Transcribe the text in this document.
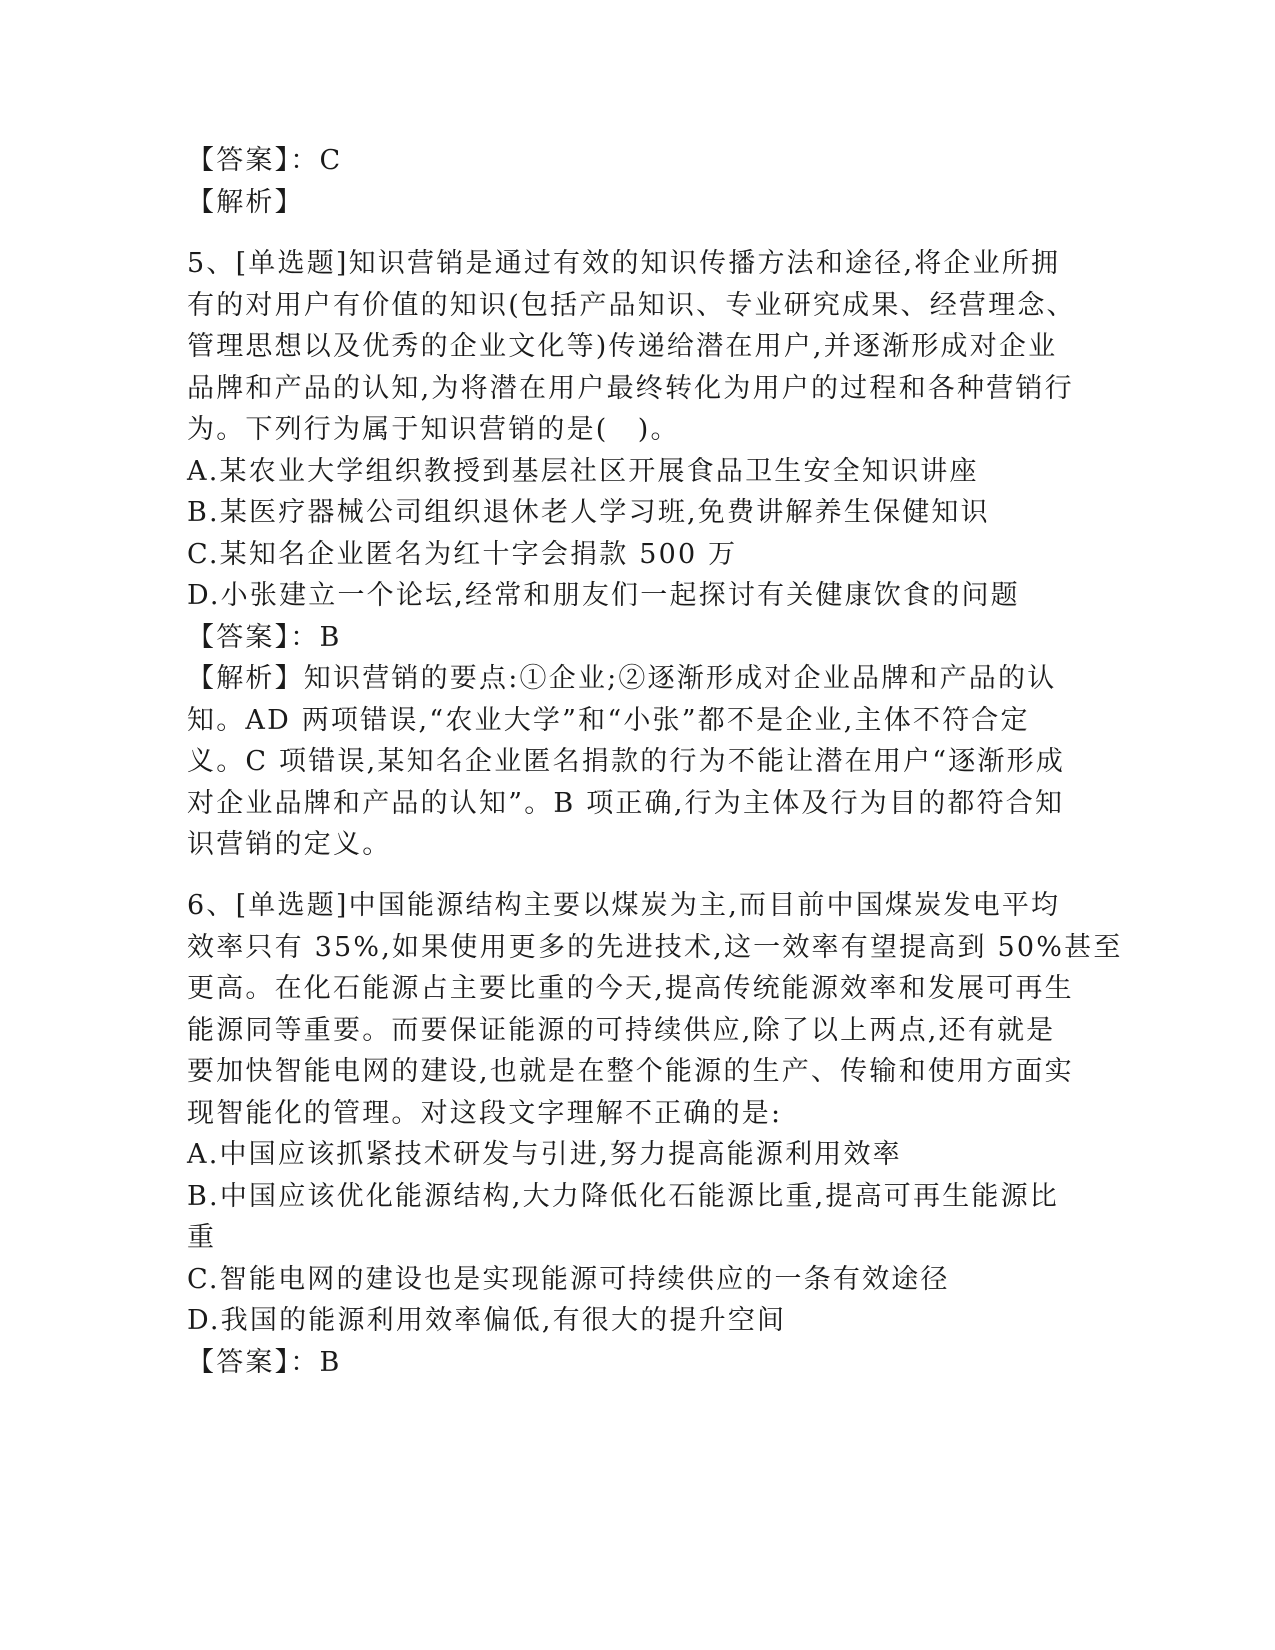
【答案】：C
【解析】
5、[单选题]知识营销是通过有效的知识传播方法和途径,将企业所拥
有的对用户有价值的知识(包括产品知识、专业研究成果、经营理念、
管理思想以及优秀的企业文化等)传递给潜在用户,并逐渐形成对企业
品牌和产品的认知,为将潜在用户最终转化为用户的过程和各种营销行
为。下列行为属于知识营销的是(　)。
A.某农业大学组织教授到基层社区开展食品卫生安全知识讲座
B.某医疗器械公司组织退休老人学习班,免费讲解养生保健知识
C.某知名企业匿名为红十字会捐款 500 万
D.小张建立一个论坛,经常和朋友们一起探讨有关健康饮食的问题
【答案】：B
【解析】知识营销的要点:①企业;②逐渐形成对企业品牌和产品的认
知。AD 两项错误,“农业大学”和“小张”都不是企业,主体不符合定
义。C 项错误,某知名企业匿名捐款的行为不能让潜在用户“逐渐形成
对企业品牌和产品的认知”。B 项正确,行为主体及行为目的都符合知
识营销的定义。
6、[单选题]中国能源结构主要以煤炭为主,而目前中国煤炭发电平均
效率只有 35%,如果使用更多的先进技术,这一效率有望提高到 50%甚至
更高。在化石能源占主要比重的今天,提高传统能源效率和发展可再生
能源同等重要。而要保证能源的可持续供应,除了以上两点,还有就是
要加快智能电网的建设,也就是在整个能源的生产、传输和使用方面实
现智能化的管理。对这段文字理解不正确的是:
A.中国应该抓紧技术研发与引进,努力提高能源利用效率
B.中国应该优化能源结构,大力降低化石能源比重,提高可再生能源比
重
C.智能电网的建设也是实现能源可持续供应的一条有效途径
D.我国的能源利用效率偏低,有很大的提升空间
【答案】：B
